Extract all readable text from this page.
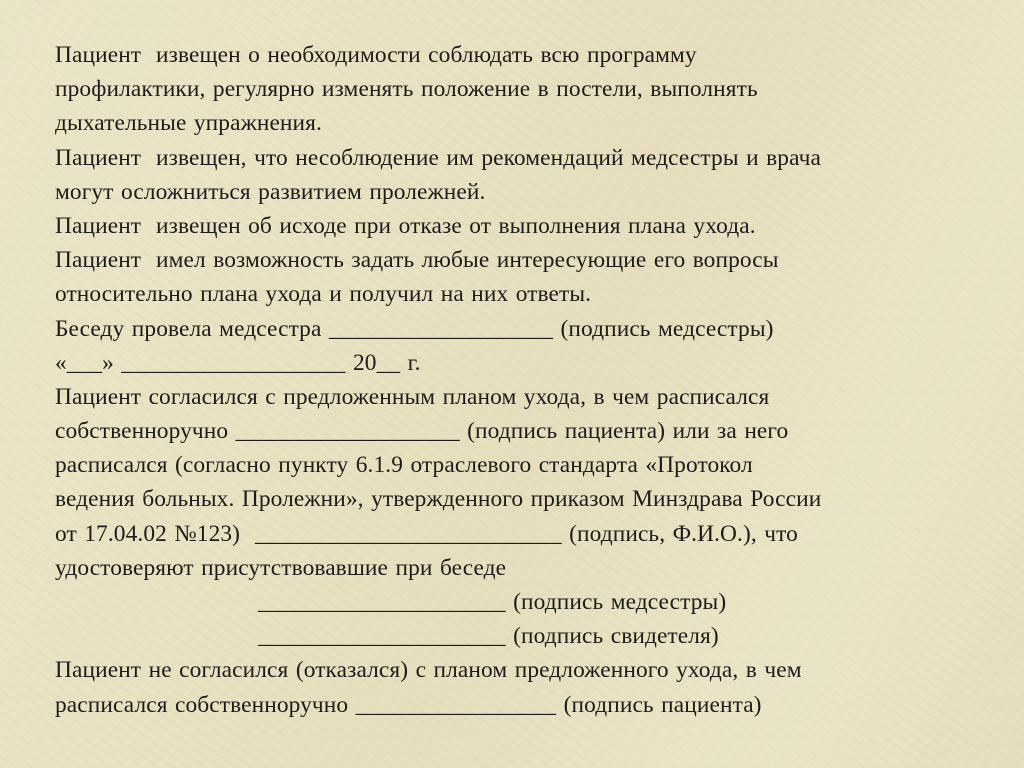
Пациент  извещен о необходимости соблюдать всю программу
профилактики, регулярно изменять положение в постели, выполнять
дыхательные упражнения.
Пациент  извещен, что несоблюдение им рекомендаций медсестры и врача
могут осложниться развитием пролежней.
Пациент  извещен об исходе при отказе от выполнения плана ухода.
Пациент  имел возможность задать любые интересующие его вопросы
относительно плана ухода и получил на них ответы.
Беседу провела медсестра ___________________ (подпись медсестры)
«___» ___________________ 20__ г.
Пациент согласился с предложенным планом ухода, в чем расписался
собственноручно ___________________ (подпись пациента) или за него
расписался (согласно пункту 6.1.9 отраслевого стандарта «Протокол
ведения больных. Пролежни», утвержденного приказом Минздрава России
от 17.04.02 №123)  __________________________ (подпись, Ф.И.О.), что
удостоверяют присутствовавшие при беседе
_____________________ (подпись медсестры)
_____________________ (подпись свидетеля)
Пациент не согласился (отказался) с планом предложенного ухода, в чем
расписался собственноручно _________________ (подпись пациента)
